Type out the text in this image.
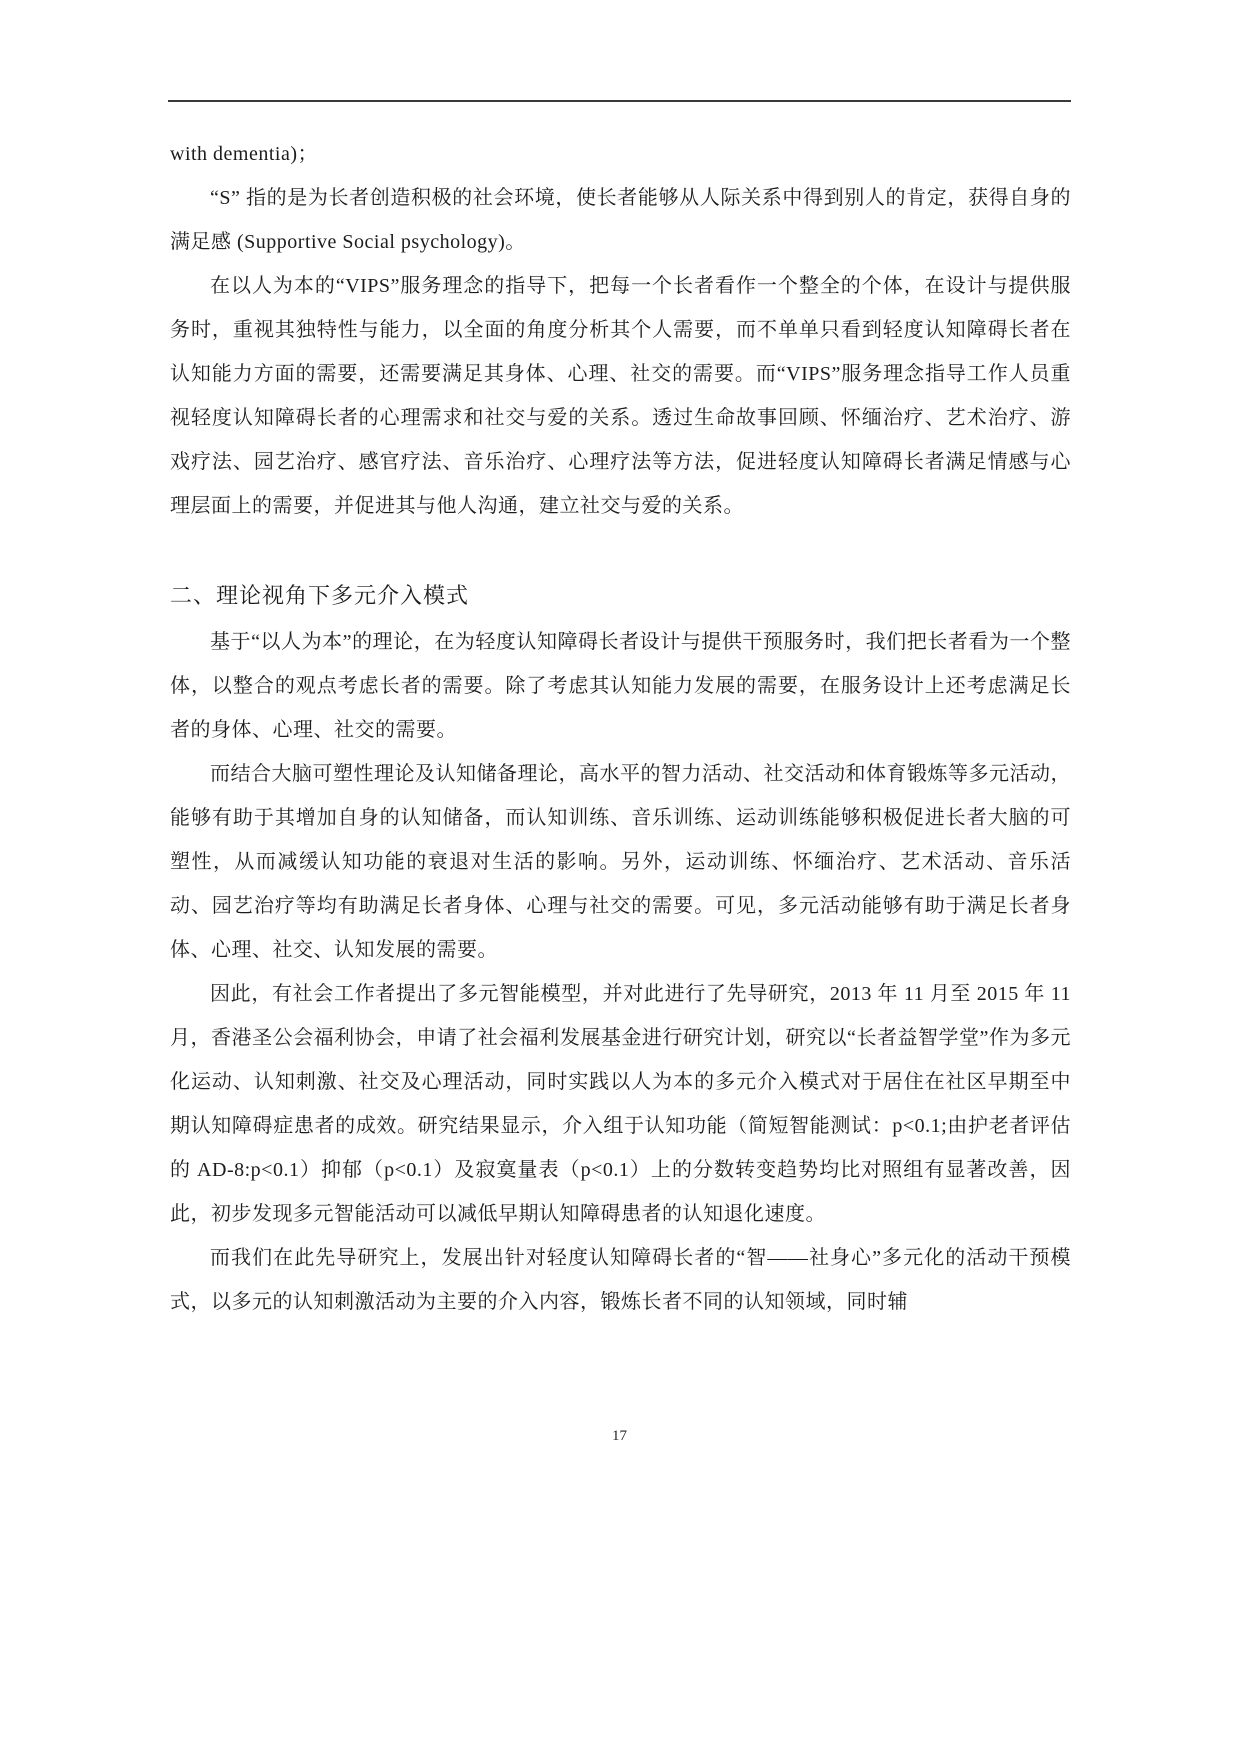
with dementia)；

“S” 指的是为长者创造积极的社会环境，使长者能够从人际关系中得到别人的肯定，获得自身的满足感 (Supportive Social psychology)。

在以人为本的“VIPS”服务理念的指导下，把每一个长者看作一个整全的个体，在设计与提供服务时，重视其独特性与能力，以全面的角度分析其个人需要，而不单单只看到轻度认知障碍长者在认知能力方面的需要，还需要满足其身体、心理、社交的需要。而“VIPS”服务理念指导工作人员重视轻度认知障碍长者的心理需求和社交与爱的关系。透过生命故事回顾、怀缅治疗、艺术治疗、游戏疗法、园艺治疗、感官疗法、音乐治疗、心理疗法等方法，促进轻度认知障碍长者满足情感与心理层面上的需要，并促进其与他人沟通，建立社交与爱的关系。

二、理论视角下多元介入模式

基于“以人为本”的理论，在为轻度认知障碍长者设计与提供干预服务时，我们把长者看为一个整体，以整合的观点考虑长者的需要。除了考虑其认知能力发展的需要，在服务设计上还考虑满足长者的身体、心理、社交的需要。

而结合大脑可塑性理论及认知储备理论，高水平的智力活动、社交活动和体育锻炼等多元活动，能够有助于其增加自身的认知储备，而认知训练、音乐训练、运动训练能够积极促进长者大脑的可塑性，从而减缓认知功能的衰退对生活的影响。另外，运动训练、怀缅治疗、艺术活动、音乐活动、园艺治疗等均有助满足长者身体、心理与社交的需要。可见，多元活动能够有助于满足长者身体、心理、社交、认知发展的需要。

因此，有社会工作者提出了多元智能模型，并对此进行了先导研究，2013 年 11 月至 2015 年 11 月，香港圣公会福利协会，申请了社会福利发展基金进行研究计划，研究以“长者益智学堂”作为多元化运动、认知刺激、社交及心理活动，同时实践以人为本的多元介入模式对于居住在社区早期至中期认知障碍症患者的成效。研究结果显示，介入组于认知功能（简短智能测试：p<0.1;由护老者评估的 AD-8:p<0.1）抑郁（p<0.1）及寂寞量表（p<0.1）上的分数转变趋势均比对照组有显著改善，因此，初步发现多元智能活动可以减低早期认知障碍患者的认知退化速度。

而我们在此先导研究上，发展出针对轻度认知障碍长者的“智——社身心”多元化的活动干预模式，以多元的认知刺激活动为主要的介入内容，锻炼长者不同的认知领域，同时辅

17
